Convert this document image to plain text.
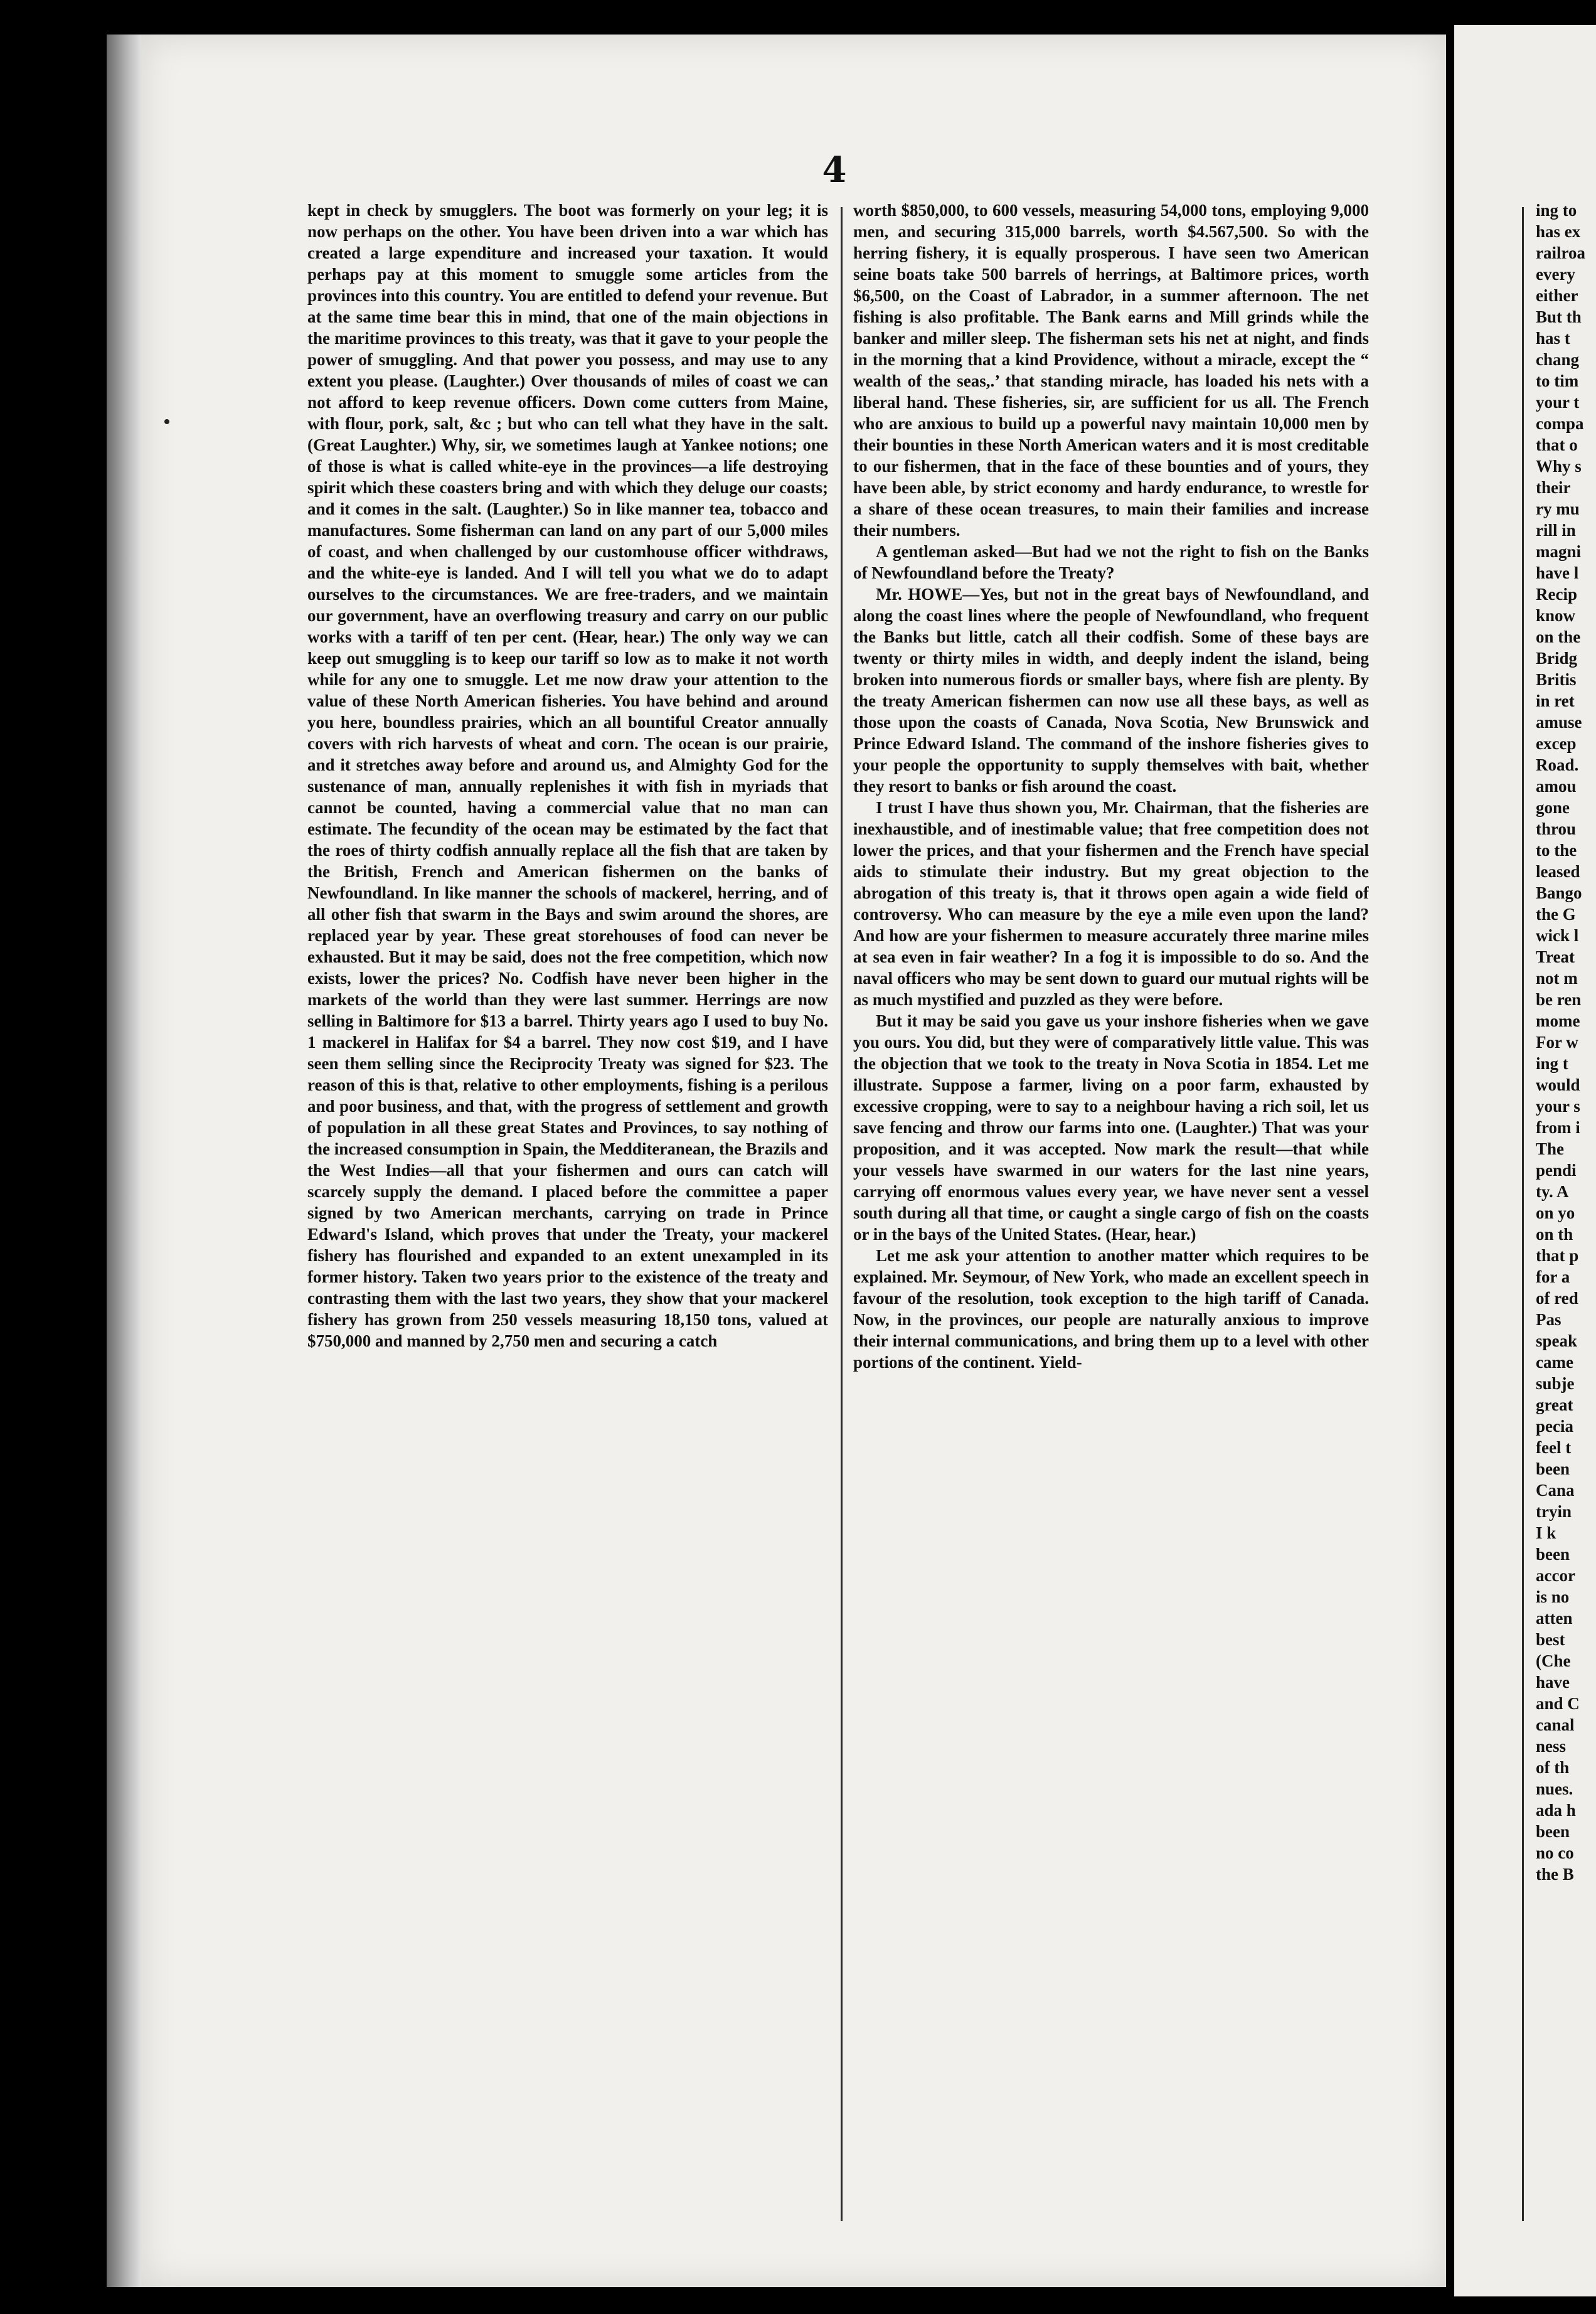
4

kept in check by smugglers. The boot was formerly on your leg; it is now perhaps on the other. You have been driven into a war which has created a large expenditure and increased your taxation. It would perhaps pay at this moment to smuggle some articles from the provinces into this country. You are entitled to defend your revenue. But at the same time bear this in mind, that one of the main objections in the maritime provinces to this treaty, was that it gave to your people the power of smuggling. And that power you possess, and may use to any extent you please. (Laughter.) Over thousands of miles of coast we can not afford to keep revenue officers. Down come cutters from Maine, with flour, pork, salt, &c ; but who can tell what they have in the salt. (Great Laughter.) Why, sir, we sometimes laugh at Yankee notions; one of those is what is called white-eye in the provinces—a life destroying spirit which these coasters bring and with which they deluge our coasts; and it comes in the salt. (Laughter.) So in like manner tea, tobacco and manufactures. Some fisherman can land on any part of our 5,000 miles of coast, and when challenged by our customhouse officer withdraws, and the white-eye is landed. And I will tell you what we do to adapt ourselves to the circumstances. We are free-traders, and we maintain our government, have an overflowing treasury and carry on our public works with a tariff of ten per cent. (Hear, hear.) The only way we can keep out smuggling is to keep our tariff so low as to make it not worth while for any one to smuggle. Let me now draw your attention to the value of these North American fisheries. You have behind and around you here, boundless prairies, which an all bountiful Creator annually covers with rich harvests of wheat and corn. The ocean is our prairie, and it stretches away before and around us, and Almighty God for the sustenance of man, annually replenishes it with fish in myriads that cannot be counted, having a commercial value that no man can estimate. The fecundity of the ocean may be estimated by the fact that the roes of thirty codfish annually replace all the fish that are taken by the British, French and American fishermen on the banks of Newfoundland. In like manner the schools of mackerel, herring, and of all other fish that swarm in the Bays and swim around the shores, are replaced year by year. These great storehouses of food can never be exhausted. But it may be said, does not the free competition, which now exists, lower the prices? No. Codfish have never been higher in the markets of the world than they were last summer. Herrings are now selling in Baltimore for $13 a barrel. Thirty years ago I used to buy No. 1 mackerel in Halifax for $4 a barrel. They now cost $19, and I have seen them selling since the Reciprocity Treaty was signed for $23. The reason of this is that, relative to other employments, fishing is a perilous and poor business, and that, with the progress of settlement and growth of population in all these great States and Provinces, to say nothing of the increased consumption in Spain, the Medditeranean, the Brazils and the West Indies—all that your fishermen and ours can catch will scarcely supply the demand. I placed before the committee a paper signed by two American merchants, carrying on trade in Prince Edward's Island, which proves that under the Treaty, your mackerel fishery has flourished and expanded to an extent unexampled in its former history. Taken two years prior to the existence of the treaty and contrasting them with the last two years, they show that your mackerel fishery has grown from 250 vessels measuring 18,150 tons, valued at $750,000 and manned by 2,750 men and securing a catch

worth $850,000, to 600 vessels, measuring 54,000 tons, employing 9,000 men, and securing 315,000 barrels, worth $4.567,500. So with the herring fishery, it is equally prosperous. I have seen two American seine boats take 500 barrels of herrings, at Baltimore prices, worth $6,500, on the Coast of Labrador, in a summer afternoon. The net fishing is also profitable. The Bank earns and Mill grinds while the banker and miller sleep. The fisherman sets his net at night, and finds in the morning that a kind Providence, without a miracle, except the “ wealth of the seas,.’ that standing miracle, has loaded his nets with a liberal hand. These fisheries, sir, are sufficient for us all. The French who are anxious to build up a powerful navy maintain 10,000 men by their bounties in these North American waters and it is most creditable to our fishermen, that in the face of these bounties and of yours, they have been able, by strict economy and hardy endurance, to wrestle for a share of these ocean treasures, to main their families and increase their numbers.

A gentleman asked—But had we not the right to fish on the Banks of Newfoundland before the Treaty?

Mr. HOWE—Yes, but not in the great bays of Newfoundland, and along the coast lines where the people of Newfoundland, who frequent the Banks but little, catch all their codfish. Some of these bays are twenty or thirty miles in width, and deeply indent the island, being broken into numerous fiords or smaller bays, where fish are plenty. By the treaty American fishermen can now use all these bays, as well as those upon the coasts of Canada, Nova Scotia, New Brunswick and Prince Edward Island. The command of the inshore fisheries gives to your people the opportunity to supply themselves with bait, whether they resort to banks or fish around the coast.

I trust I have thus shown you, Mr. Chairman, that the fisheries are inexhaustible, and of inestimable value; that free competition does not lower the prices, and that your fishermen and the French have special aids to stimulate their industry. But my great objection to the abrogation of this treaty is, that it throws open again a wide field of controversy. Who can measure by the eye a mile even upon the land? And how are your fishermen to measure accurately three marine miles at sea even in fair weather? In a fog it is impossible to do so. And the naval officers who may be sent down to guard our mutual rights will be as much mystified and puzzled as they were before.

But it may be said you gave us your inshore fisheries when we gave you ours. You did, but they were of comparatively little value. This was the objection that we took to the treaty in Nova Scotia in 1854. Let me illustrate. Suppose a farmer, living on a poor farm, exhausted by excessive cropping, were to say to a neighbour having a rich soil, let us save fencing and throw our farms into one. (Laughter.) That was your proposition, and it was accepted. Now mark the result—that while your vessels have swarmed in our waters for the last nine years, carrying off enormous values every year, we have never sent a vessel south during all that time, or caught a single cargo of fish on the coasts or in the bays of the United States. (Hear, hear.)

Let me ask your attention to another matter which requires to be explained. Mr. Seymour, of New York, who made an excellent speech in favour of the resolution, took exception to the high tariff of Canada. Now, in the provinces, our people are naturally anxious to improve their internal communications, and bring them up to a level with other portions of the continent. Yield-

ing to
has ex
railroa
every
either
But th
has t
chang
to tim
your t
compa
that o
Why s
their
ry mu
rill in
magni
have l
Recip
know
on the
Bridg
Britis
in ret
amuse
excep
Road.
amou
gone
throu
to the
leased
Bango
the G
wick l
Treat
not m
be ren
mome
For w
ing t
would
your s
from i
The
pendi
ty. A
on yo
on th
that p
for a
of red
Pas
speak
came
subje
great
pecia
feel t
been
Cana
tryin
I k
been
accor
is no
atten
best
(Che
have
and C
canal
ness
of th
nues.
ada h
been
no co
the B
